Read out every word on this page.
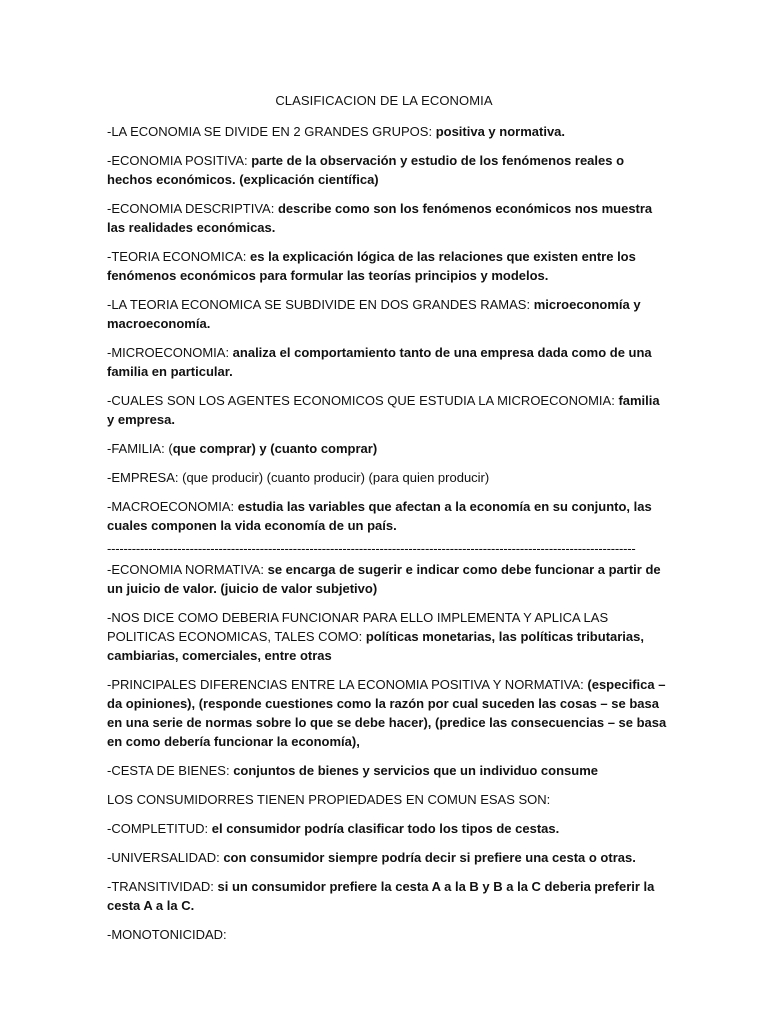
CLASIFICACION DE LA ECONOMIA

-LA ECONOMIA SE DIVIDE EN 2 GRANDES GRUPOS: positiva y normativa.

-ECONOMIA POSITIVA: parte de la observación y estudio de los fenómenos reales o hechos económicos. (explicación científica)

-ECONOMIA DESCRIPTIVA: describe como son los fenómenos económicos nos muestra las realidades económicas.

-TEORIA ECONOMICA: es la explicación lógica de las relaciones que existen entre los fenómenos económicos para formular las teorías principios y modelos.

-LA TEORIA ECONOMICA SE SUBDIVIDE EN DOS GRANDES RAMAS: microeconomía y macroeconomía.

-MICROECONOMIA: analiza el comportamiento tanto de una empresa dada como de una familia en particular.

-CUALES SON LOS AGENTES ECONOMICOS QUE ESTUDIA LA MICROECONOMIA: familia y empresa.

-FAMILIA: (que comprar) y (cuanto comprar)

-EMPRESA: (que producir) (cuanto producir) (para quien producir)

-MACROECONOMIA: estudia las variables que afectan a la economía en su conjunto, las cuales componen la vida economía de un país.

--------------------------------------------------------------------------------------------------------------------------------

-ECONOMIA NORMATIVA: se encarga de sugerir e indicar como debe funcionar a partir de un juicio de valor. (juicio de valor subjetivo)

-NOS DICE COMO DEBERIA FUNCIONAR PARA ELLO IMPLEMENTA Y APLICA LAS POLITICAS ECONOMICAS, TALES COMO: políticas monetarias, las políticas tributarias, cambiarias, comerciales, entre otras

-PRINCIPALES DIFERENCIAS ENTRE LA ECONOMIA POSITIVA Y NORMATIVA: (especifica – da opiniones), (responde cuestiones como la razón por cual suceden las cosas – se basa en una serie de normas sobre lo que se debe hacer), (predice las consecuencias – se basa en como debería funcionar la economía),

-CESTA DE BIENES: conjuntos de bienes y servicios que un individuo consume

LOS CONSUMIDORRES TIENEN PROPIEDADES EN COMUN ESAS SON:

-COMPLETITUD: el consumidor podría clasificar todo los tipos de cestas.

-UNIVERSALIDAD: con consumidor siempre podría decir si prefiere una cesta o otras.

-TRANSITIVIDAD: si un consumidor prefiere la cesta A a la B y B a la C deberia preferir la cesta A a la C.

-MONOTONICIDAD:
